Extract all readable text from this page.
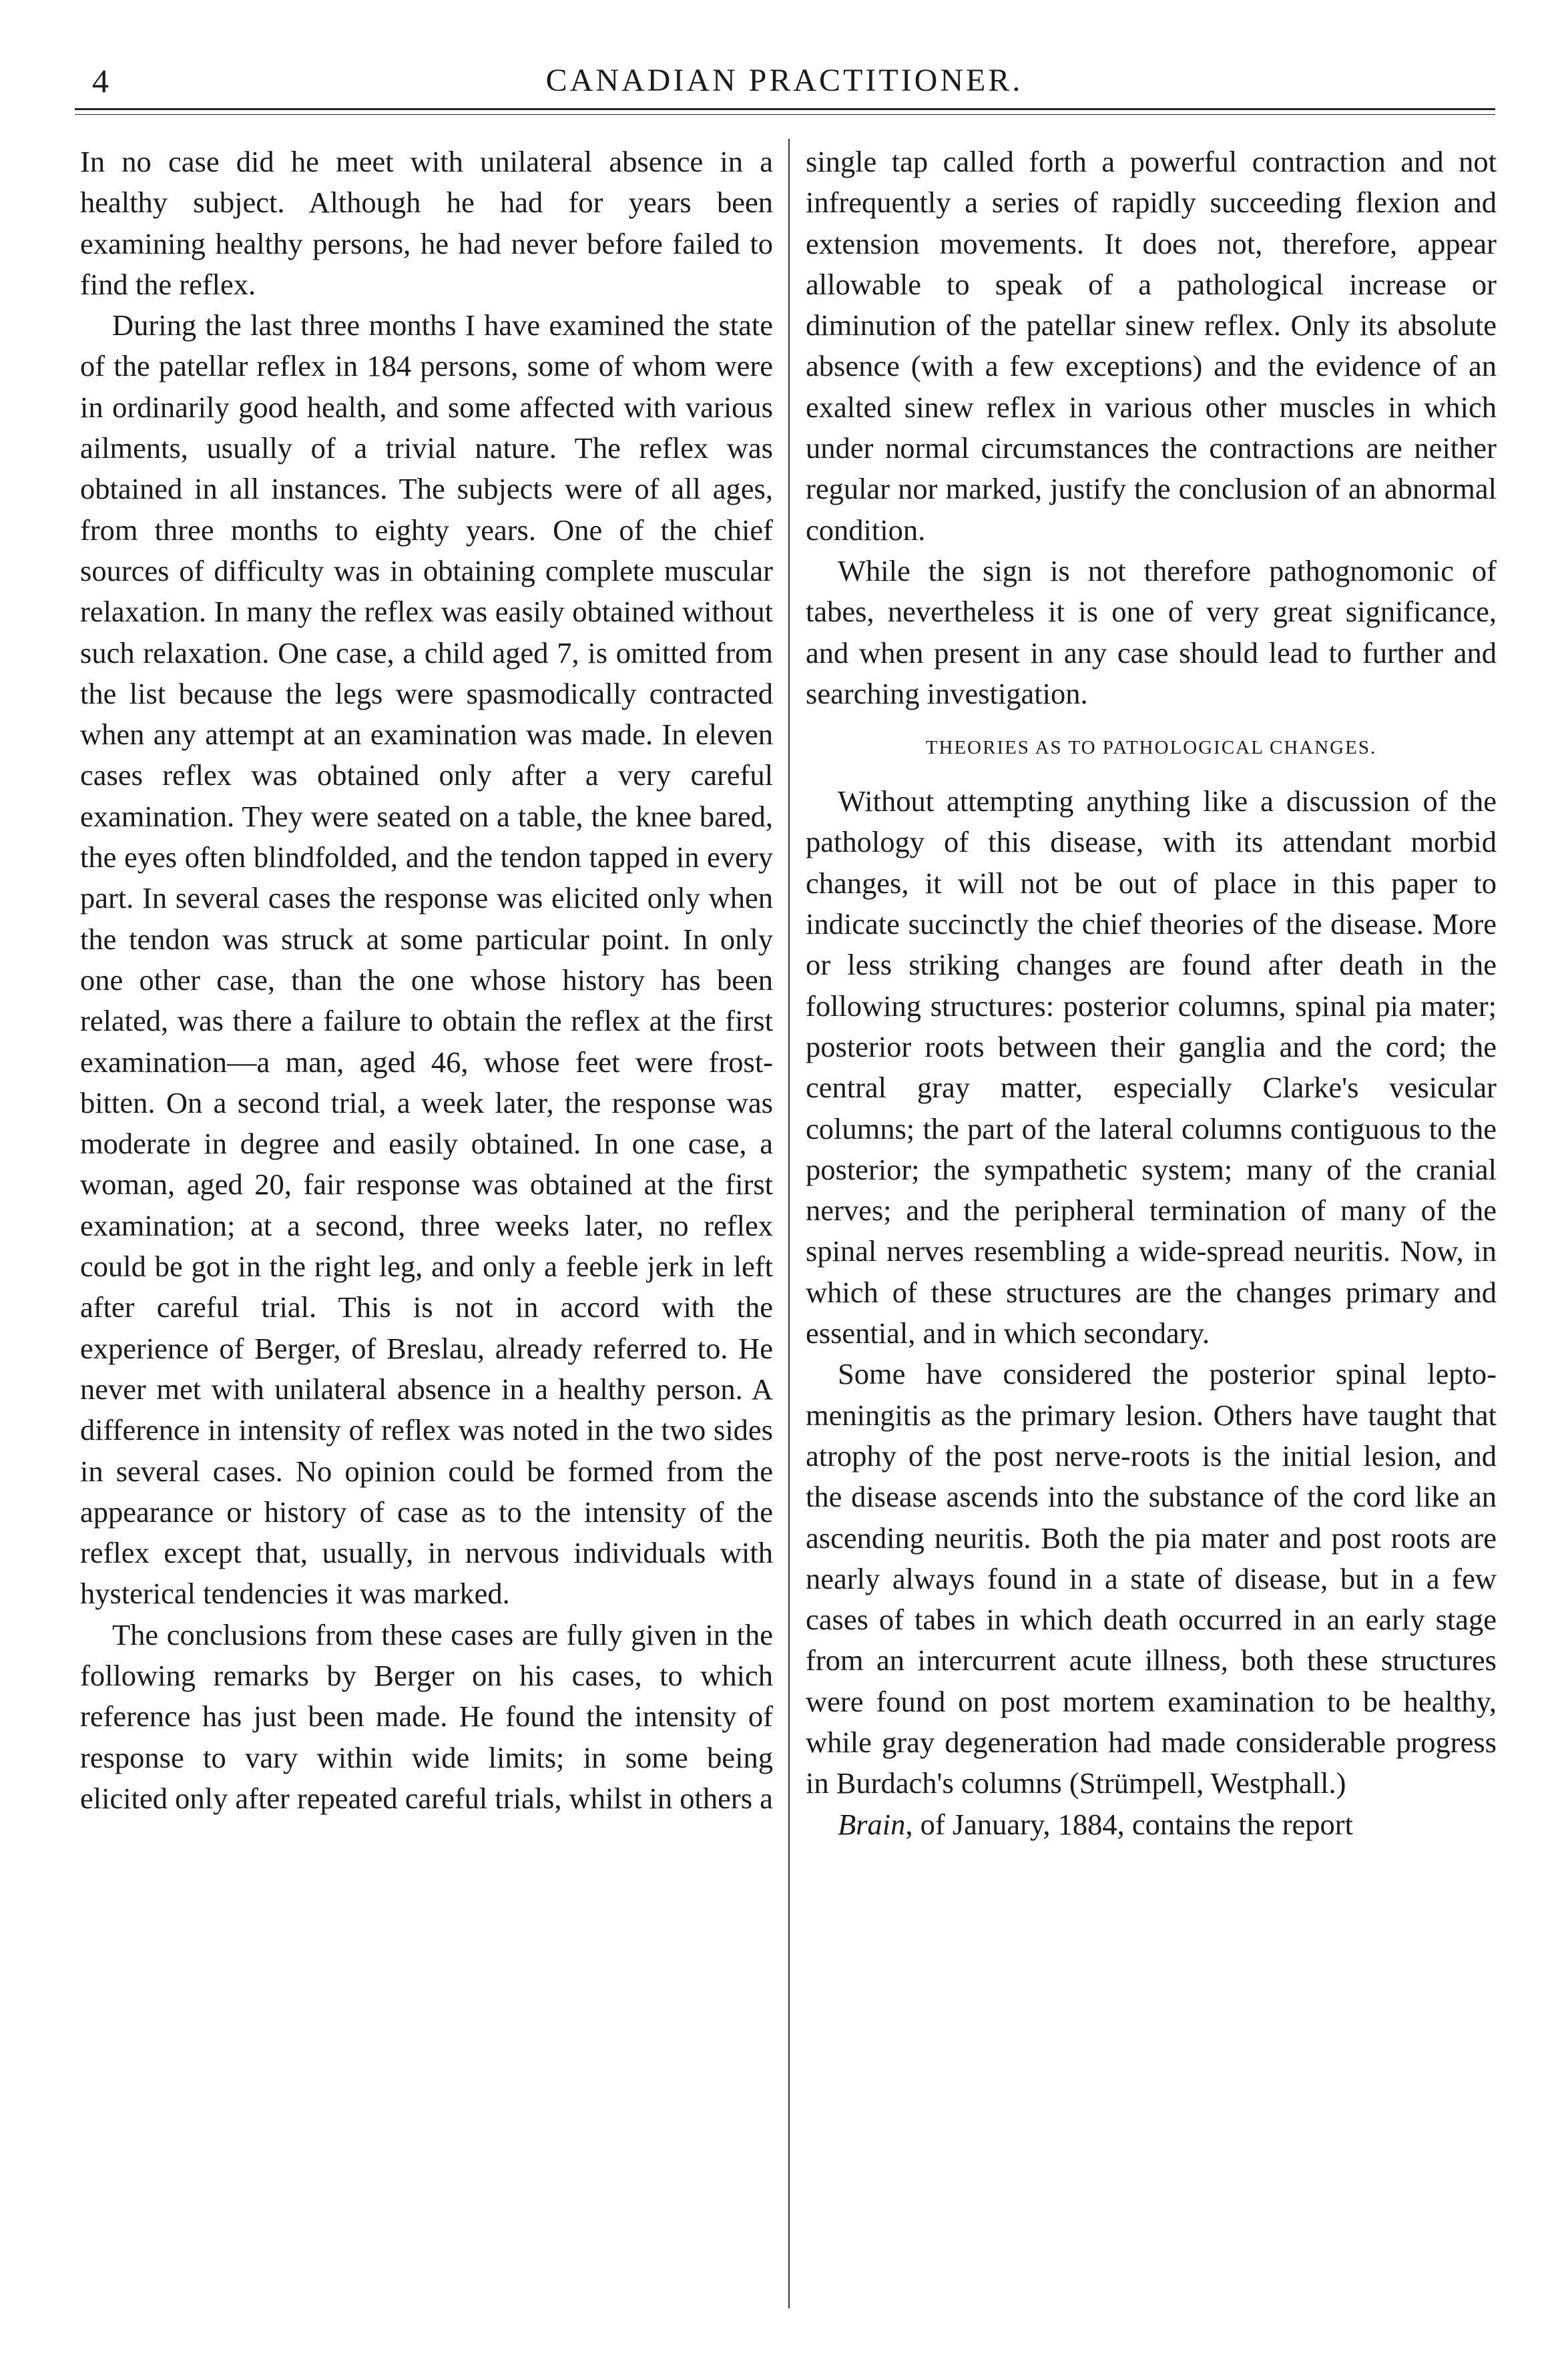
4	CANADIAN PRACTITIONER.

In no case did he meet with unilateral absence in a healthy subject. Although he had for years been examining healthy persons, he had never before failed to find the reflex.

During the last three months I have examined the state of the patellar reflex in 184 persons, some of whom were in ordinarily good health, and some affected with various ailments, usually of a trivial nature. The reflex was obtained in all instances. The subjects were of all ages, from three months to eighty years. One of the chief sources of difficulty was in obtaining complete muscular relaxation. In many the reflex was easily obtained without such relaxation. One case, a child aged 7, is omitted from the list because the legs were spasmodically contracted when any attempt at an examination was made. In eleven cases reflex was obtained only after a very careful examination. They were seated on a table, the knee bared, the eyes often blindfolded, and the tendon tapped in every part. In several cases the response was elicited only when the tendon was struck at some particular point. In only one other case, than the one whose history has been related, was there a failure to obtain the reflex at the first examination—a man, aged 46, whose feet were frost-bitten. On a second trial, a week later, the response was moderate in degree and easily obtained. In one case, a woman, aged 20, fair response was obtained at the first examination; at a second, three weeks later, no reflex could be got in the right leg, and only a feeble jerk in left after careful trial. This is not in accord with the experience of Berger, of Breslau, already referred to. He never met with unilateral absence in a healthy person. A difference in intensity of reflex was noted in the two sides in several cases. No opinion could be formed from the appearance or history of case as to the intensity of the reflex except that, usually, in nervous individuals with hysterical tendencies it was marked.

The conclusions from these cases are fully given in the following remarks by Berger on his cases, to which reference has just been made. He found the intensity of response to vary within wide limits; in some being elicited only after repeated careful trials, whilst in others a

single tap called forth a powerful contraction and not infrequently a series of rapidly succeeding flexion and extension movements. It does not, therefore, appear allowable to speak of a pathological increase or diminution of the patellar sinew reflex. Only its absolute absence (with a few exceptions) and the evidence of an exalted sinew reflex in various other muscles in which under normal circumstances the contractions are neither regular nor marked, justify the conclusion of an abnormal condition.

While the sign is not therefore pathognomonic of tabes, nevertheless it is one of very great significance, and when present in any case should lead to further and searching investigation.

THEORIES AS TO PATHOLOGICAL CHANGES.

Without attempting anything like a discussion of the pathology of this disease, with its attendant morbid changes, it will not be out of place in this paper to indicate succinctly the chief theories of the disease. More or less striking changes are found after death in the following structures: posterior columns, spinal pia mater; posterior roots between their ganglia and the cord; the central gray matter, especially Clarke's vesicular columns; the part of the lateral columns contiguous to the posterior; the sympathetic system; many of the cranial nerves; and the peripheral termination of many of the spinal nerves resembling a wide-spread neuritis. Now, in which of these structures are the changes primary and essential, and in which secondary.

Some have considered the posterior spinal lepto-meningitis as the primary lesion. Others have taught that atrophy of the post nerve-roots is the initial lesion, and the disease ascends into the substance of the cord like an ascending neuritis. Both the pia mater and post roots are nearly always found in a state of disease, but in a few cases of tabes in which death occurred in an early stage from an intercurrent acute illness, both these structures were found on post mortem examination to be healthy, while gray degeneration had made considerable progress in Burdach's columns (Strümpell, Westphall.)

Brain, of January, 1884, contains the report
